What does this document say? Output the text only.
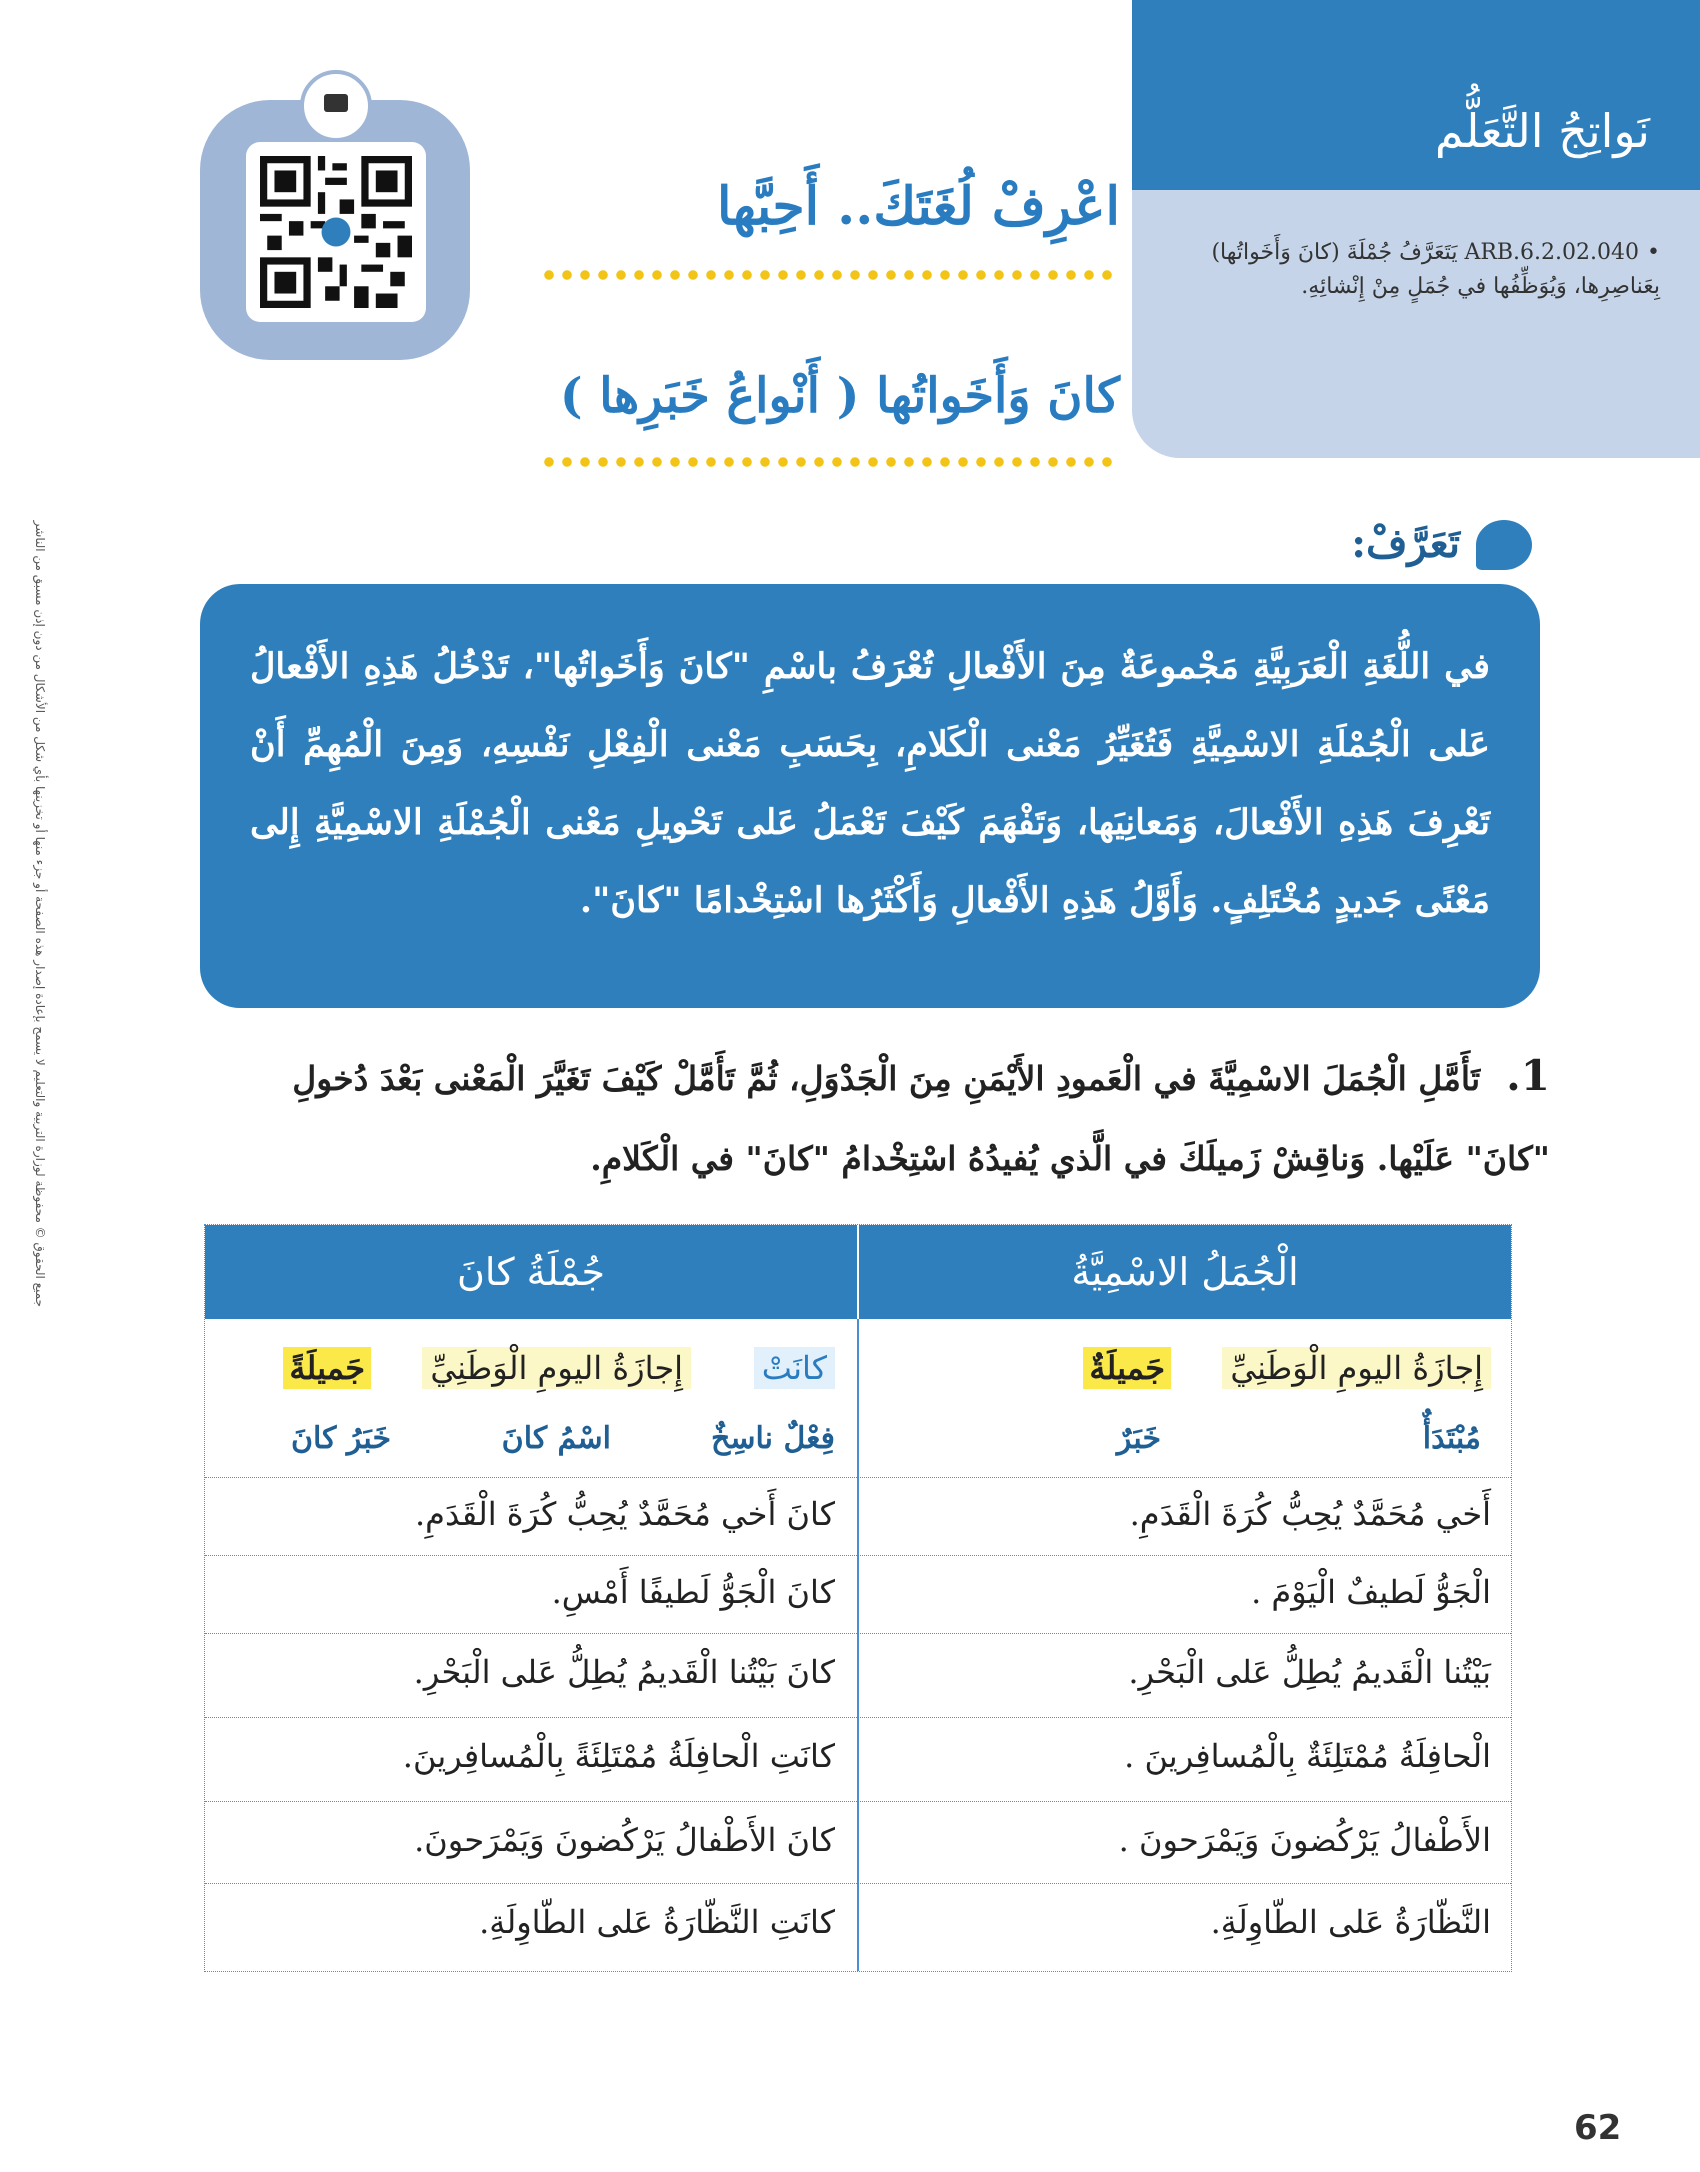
نَواتِجُ التَّعَلُّم
•ARB.6.2.02.040 يَتَعَرَّفُ جُمْلَةَ (كانَ وَأَخَواتُها) بِعَناصِرِها، وَيُوَظِّفُها في جُمَلٍ مِنْ إِنْشائِهِ.
اعْرِفْ لُغَتَكَ.. أَحِبَّها
كانَ وَأَخَواتُها ( أَنْواعُ خَبَرِها )
جميع الحقوق © محفوظة لوزارة التربية والتعليم لا يسمح بإعادة إصدار هذه الصفحة أو جزء منها أو تخزينها بأي شكل من الأشكال من دون إذن مسبق من الناشر	تَعَرَّفْ:
في اللُّغَةِ الْعَرَبِيَّةِ مَجْموعَةٌ مِنَ الأَفْعالِ تُعْرَفُ باسْمِ "كانَ وَأَخَواتُها"، تَدْخُلُ هَذِهِ الأَفْعالُ عَلى الْجُمْلَةِ الاسْمِيَّةِ فَتُغَيِّرُ مَعْنى الْكَلامِ، بِحَسَبِ مَعْنى الْفِعْلِ نَفْسِهِ، وَمِنَ الْمُهِمِّ أَنْ تَعْرِفَ هَذِهِ الأَفْعالَ، وَمَعانِيَها، وَتَفْهَمَ كَيْفَ تَعْمَلُ عَلى تَحْويلِ مَعْنى الْجُمْلَةِ الاسْمِيَّةِ إِلى مَعْنًى جَديدٍ مُخْتَلِفٍ. وَأَوَّلُ هَذِهِ الأَفْعالِ وَأَكْثَرُها اسْتِخْدامًا "كانَ".
1.تَأَمَّلِ الْجُمَلَ الاسْمِيَّةَ في الْعَمودِ الأَيْمَنِ مِنَ الْجَدْوَلِ، ثُمَّ تَأَمَّلْ كَيْفَ تَغَيَّرَ الْمَعْنى بَعْدَ دُخولِ "كانَ" عَلَيْها. وَناقِشْ زَميلَكَ في الَّذي يُفيدُهُ اسْتِخْدامُ "كانَ" في الْكَلامِ.
جُمْلَةُ كانَ	الْجُمَلُ الاسْمِيَّةُ
إِجازَةُ اليومِ الْوَطَنِيِّ
جَميلَةٌ
مُبْتَدَأٌ
خَبَرٌ
كانَتْ
إِجازَةُ اليومِ الْوَطَنِيِّ
جَميلَةً
فِعْلٌ ناسِخٌ
اسْمُ كانَ
خَبَرُ كانَ
أَخي مُحَمَّدٌ يُحِبُّ كُرَةَ الْقَدَمِ.
كانَ أَخي مُحَمَّدٌ يُحِبُّ كُرَةَ الْقَدَمِ.
الْجَوُّ لَطيفٌ الْيَوْمَ .
كانَ الْجَوُّ لَطيفًا أَمْسِ.
بَيْتُنا الْقَديمُ يُطِلُّ عَلى الْبَحْرِ.
كانَ بَيْتُنا الْقَديمُ يُطِلُّ عَلى الْبَحْرِ.
الْحافِلَةُ مُمْتَلِئَةٌ بِالْمُسافِرينَ .
كانَتِ الْحافِلَةُ مُمْتَلِئَةً بِالْمُسافِرينَ.
الأَطْفالُ يَرْكُضونَ وَيَمْرَحونَ .
كانَ الأَطْفالُ يَرْكُضونَ وَيَمْرَحونَ.
النَّظّارَةُ عَلى الطّاوِلَةِ.
كانَتِ النَّظّارَةُ عَلى الطّاوِلَةِ.
62
